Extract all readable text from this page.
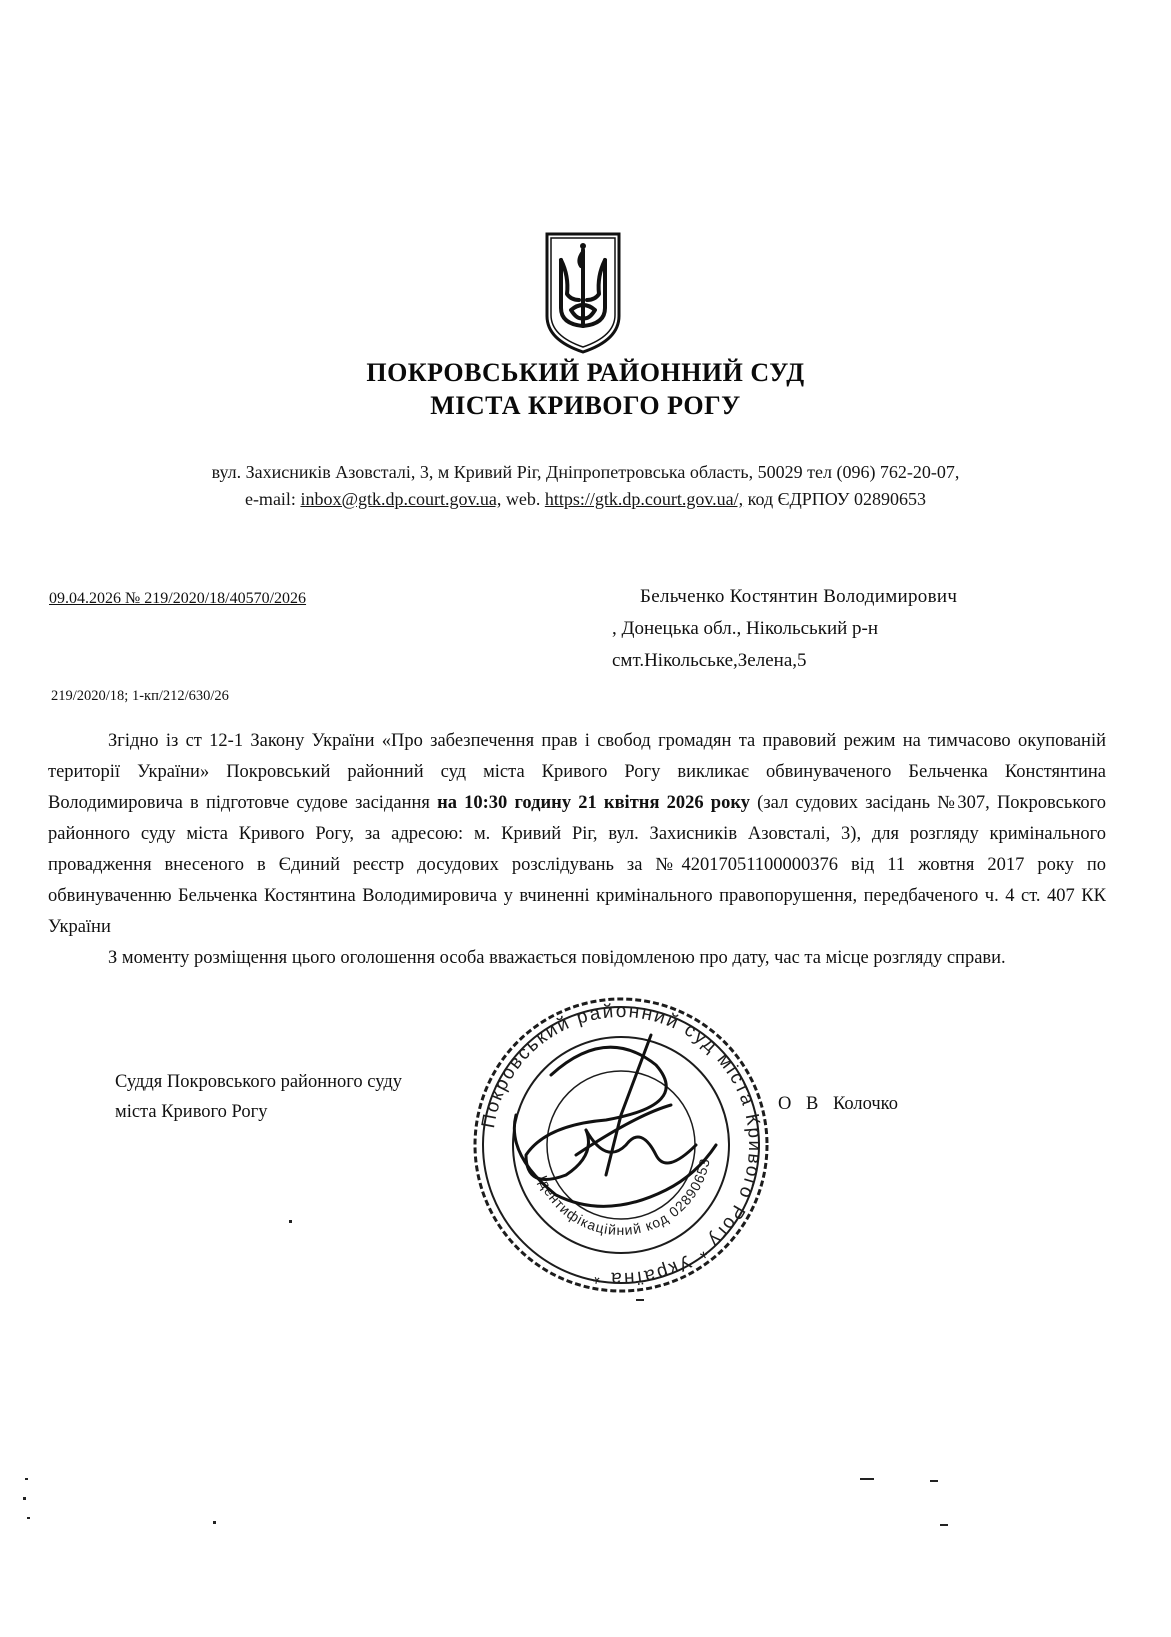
ПОКРОВСЬКИЙ РАЙОННИЙ СУД
МІСТА КРИВОГО РОГУ
вул. Захисників Азовсталі, 3, м Кривий Ріг, Дніпропетровська область, 50029 тел (096) 762-20-07,
e-mail: inbox@gtk.dp.court.gov.ua, web. https://gtk.dp.court.gov.ua/, код ЄДРПОУ 02890653
09.04.2026 № 219/2020/18/40570/2026
219/2020/18; 1-кп/212/630/26
Бельченко Костянтин Володимирович
, Донецька обл., Нікольський р-н
смт.Нікольське,Зелена,5

Згідно із ст 12-1 Закону України «Про забезпечення прав і свобод громадян та правовий режим на тимчасово окупованій території України» Покровський районний суд міста Кривого Рогу викликає обвинуваченого Бельченка Констянтина Володимировича в підготовче судове засідання на 10:30 годину 21 квітня 2026 року (зал судових засідань №307, Покровського районного суду міста Кривого Рогу, за адресою: м. Кривий Ріг, вул. Захисників Азовсталі, 3), для розгляду кримінального провадження внесеного в Єдиний реєстр досудових розслідувань за №42017051100000376 від 11 жовтня 2017 року по обвинуваченню Бельченка Костянтина Володимировича у вчиненні кримінального правопорушення, передбаченого ч. 4 ст. 407 КК України

З моменту розміщення цього оголошення особа вважається повідомленою про дату, час та місце розгляду справи.

Суддя Покровського районного суду
міста Кривого Рогу	О В Колочко
Покровський районний суд міста Кривого Рогу * Україна *
Ідентифікаційний код 02890653
